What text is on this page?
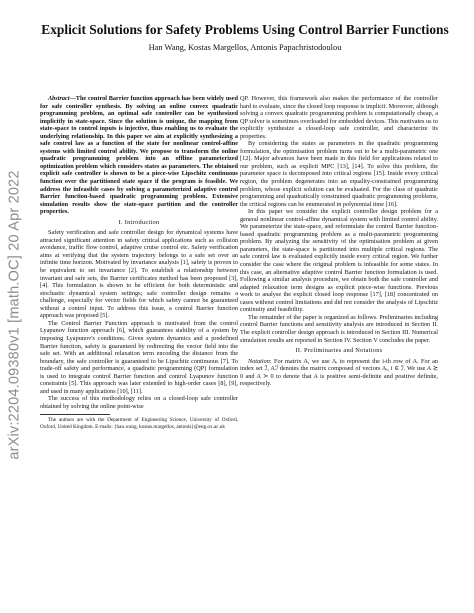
arXiv:2204.09380v1 [math.OC] 20 Apr 2022
Explicit Solutions for Safety Problems Using Control Barrier Functions
Han Wang, Kostas Margellos, Antonis Papachristodoulou

Abstract—The control Barrier function approach has been widely used for safe controller synthesis. By solving an online convex quadratic programming problem, an optimal safe controller can be synthesized implicitly in state-space. Since the solution is unique, the mapping from state-space to control inputs is injective, thus enabling us to evaluate the underlying relationship. In this paper we aim at explicitly synthesizing a safe control law as a function of the state for nonlinear control-affine systems with limited control ability. We propose to transform the online quadratic programming problem into an offline parameterized optimization problem which considers states as parameters. The obtained explicit safe controller is shown to be a piece-wise Lipschitz continuous function over the partitioned state space if the program is feasible. We address the infeasible cases by solving a parameterized adaptive control Barrier function-based quadratic programming problem. Extensive simulation results show the state-space partition and the controller properties.

I. Introduction

Safety verification and safe controller design for dynamical systems have attracted significant attention in safety critical applications such as collision avoidance, traffic flow control, adaptive cruise control etc. Safety verification aims at verifying that the system trajectory belongs to a safe set over an infinite time horizon. Motivated by invariance analysis [1], safety is proven to be equivalent to set invariance [2]. To establish a relationship between invariant and safe sets, the Barrier certificates method has been proposed [3], [4]. This formulation is shown to be efficient for both deterministic and stochastic dynamical system settings; safe controller design remains a challenge, especially for vector fields for which safety cannot be guaranteed without a control input. To address this issue, a control Barrier function approach was proposed [5].

The Control Barrier Function approach is motivated from the control Lyapunov function approach [6], which guarantees stability of a system by imposing Lyapunov's conditions. Given system dynamics and a predefined Barrier function, safety is guaranteed by redirecting the vector field into the safe set. With an additional relaxation term encoding the distance from the boundary, the safe controller is guaranteed to be Lipschitz continuous [7]. To trade-off safety and performance, a quadratic programming (QP) formulation is used to integrate control Barrier function and control Lyapunov function constraints [5]. This approach was later extended to high-order cases [8], [9], and used in many applications [10], [11].

The success of this methodology relies on a closed-loop safe controller obtained by solving the online point-wise

The authors are with the Department of Engineering Science, University of Oxford, Oxford, United Kingdom. E-mails: {han.wang, kostas.margellos, antonis}@eng.ox.ac.uk

QP. However, this framework also makes the performance of the controller hard to evaluate, since the closed loop response is implicit. Moreover, although solving a convex quadratic programming problem is computationally cheap, a QP solver is sometimes overloaded for embedded devices. This motivates us to explicitly synthesize a closed-loop safe controller, and characterize its properties.

By considering the states as parameters in the quadratic programming formulation, the optimisation problem turns out to be a multi-parametric one [12]. Major advances have been made in this field for applications related to our problem, such as explicit MPC [13], [14]. To solve this problem, the parameter space is decomposed into critical regions [15]. Inside every critical region, the problem degenerates into an equality-constrained programming problem, whose explicit solution can be evaluated. For the class of quadratic programming and quadratically constrained quadratic programming problems, the critical regions can be enumerated in polynomial time [16].

In this paper we consider the explicit controller design problem for a general nonlinear control-affine dynamical system with limited control ability. We parameterize the state-space, and reformulate the control Barrier function-based quadratic programming problem as a multi-parametric programming problem. By analyzing the sensitivity of the optimisation problem at given parameters, the state-space is partitioned into multiple critical regions. The safe control law is evaluated explicitly inside every critical region. We further consider the case where the original problem is infeasible for some states. In this case, an alternative adaptive control Barrier function formulation is used. Following a similar analysis procedure, we obtain both the safe controller and adapted relaxation term designs as explicit piece-wise functions. Previous work to analyse the explicit closed loop response [17], [18] concentrated on cases without control limitations and did not consider the analysis of Lipschitz continuity and feasibility.

The remainder of the paper is organized as follows. Preliminaries including control Barrier functions and sensitivity analysis are introduced in Section II. The explicit controller design approach is introduced in Section III. Numerical simulation results are reported in Section IV. Section V concludes the paper.

II. Preliminaries and Notations

Notation: For matrix A, we use Aᵢ to represent the i-th row of A. For an index set ℐ, Aℐ denotes the matrix composed of vectors Aᵢ, i ∈ ℐ. We use A ⪰ 0 and A ≻ 0 to denote that A is positive semi-definite and positive definite, respectively.
